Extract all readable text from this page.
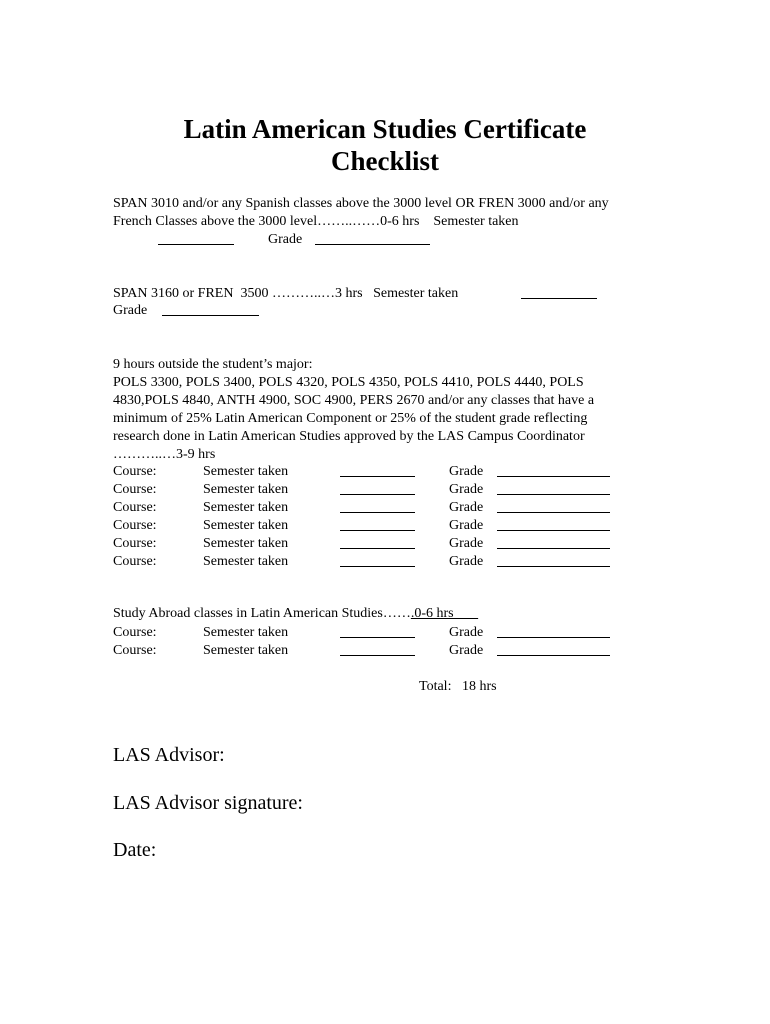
Latin American Studies Certificate
Checklist
SPAN 3010 and/or any Spanish classes above the 3000 level OR FREN 3000 and/or any
French Classes above the 3000 level……..……0-6 hrs    Semester taken
Grade
SPAN 3160 or FREN  3500 ………..…3 hrs   Semester taken
Grade
9 hours outside the student’s major:
POLS 3300, POLS 3400, POLS 4320, POLS 4350, POLS 4410, POLS 4440, POLS
4830,POLS 4840, ANTH 4900, SOC 4900, PERS 2670 and/or any classes that have a
minimum of 25% Latin American Component or 25% of the student grade reflecting
research done in Latin American Studies approved by the LAS Campus Coordinator
………..…3-9 hrs
Course:	Semester taken	Grade
Course:	Semester taken	Grade
Course:	Semester taken	Grade
Course:	Semester taken	Grade
Course:	Semester taken	Grade
Course:	Semester taken	Grade
Study Abroad classes in Latin American Studies…….0-6 hrs
Course:	Semester taken	Grade
Course:	Semester taken	Grade
Total:   18 hrs
LAS Advisor:
LAS Advisor signature:
Date:
